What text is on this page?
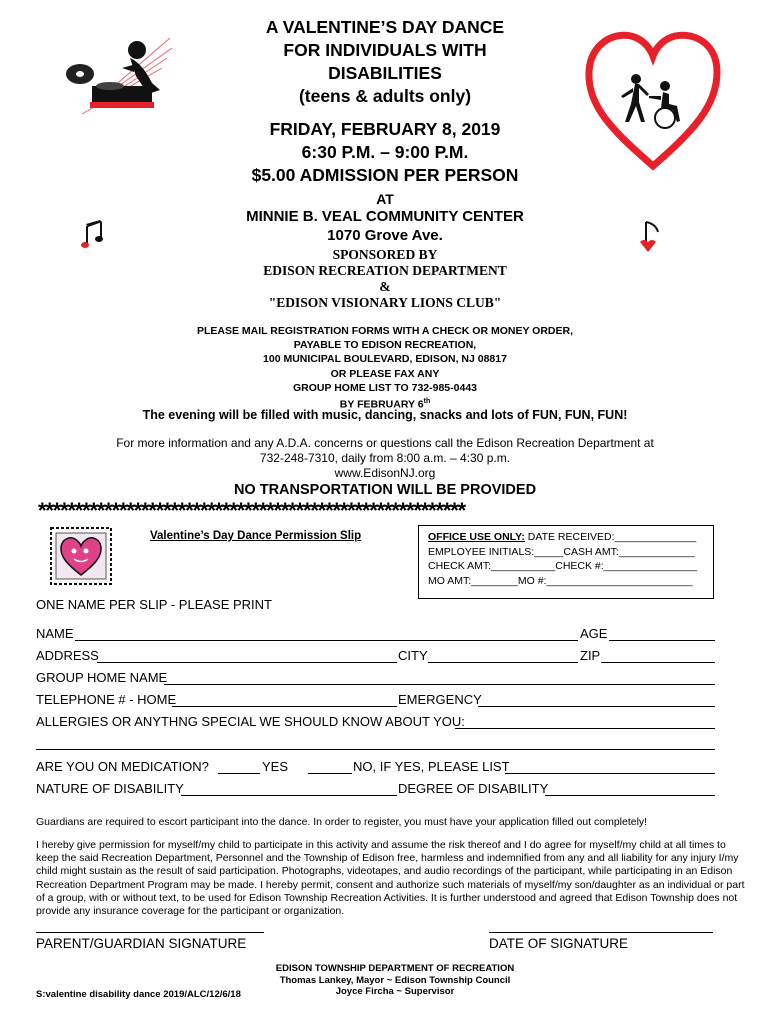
A VALENTINE’S DAY DANCE
FOR INDIVIDUALS WITH
DISABILITIES
(teens & adults only)
FRIDAY, FEBRUARY 8, 2019
6:30 P.M. – 9:00 P.M.
$5.00 ADMISSION PER PERSON
AT
MINNIE B. VEAL COMMUNITY CENTER
1070 Grove Ave.
SPONSORED BY
EDISON RECREATION DEPARTMENT
&
"EDISON VISIONARY LIONS CLUB"
PLEASE MAIL REGISTRATION FORMS WITH A CHECK OR MONEY ORDER,
PAYABLE TO EDISON RECREATION,
100 MUNICIPAL BOULEVARD, EDISON, NJ 08817
OR PLEASE FAX ANY
GROUP HOME LIST TO 732-985-0443
BY FEBRUARY 6th
The evening will be filled with music, dancing, snacks and lots of FUN, FUN, FUN!
For more information and any A.D.A. concerns or questions call the Edison Recreation Department at
732-248-7310, daily from 8:00 a.m. – 4:30 p.m.
www.EdisonNJ.org
NO TRANSPORTATION WILL BE PROVIDED
**********************************************************
Valentine’s Day Dance Permission Slip	OFFICE USE ONLY: DATE RECEIVED:______________
EMPLOYEE INITIALS:_____CASH AMT:_____________
CHECK AMT:___________CHECK #:________________
MO AMT:________MO #:_________________________
ONE NAME PER SLIP - PLEASE PRINT
NAME	AGE
ADDRESS	CITY	ZIP
GROUP HOME NAME
TELEPHONE # - HOME	EMERGENCY
ALLERGIES OR ANYTHNG SPECIAL WE SHOULD KNOW ABOUT YOU:
ARE YOU ON MEDICATION?	YES	NO, IF YES, PLEASE LIST
NATURE OF DISABILITY	DEGREE OF DISABILITY
Guardians are required to escort participant into the dance. In order to register, you must have your application filled out completely!
I hereby give permission for myself/my child to participate in this activity and assume the risk thereof and I do agree for myself/my child at all times to
keep the said Recreation Department, Personnel and the Township of Edison free, harmless and indemnified from any and all liability for any injury I/my
child might sustain as the result of said participation. Photographs, videotapes, and audio recordings of the participant, while participating in an Edison
Recreation Department Program may be made. I hereby permit, consent and authorize such materials of myself/my son/daughter as an individual or part
of a group, with or without text, to be used for Edison Township Recreation Activities. It is further understood and agreed that Edison Township does not
provide any insurance coverage for the participant or organization.
PARENT/GUARDIAN SIGNATURE	DATE OF SIGNATURE
EDISON TOWNSHIP DEPARTMENT OF RECREATION
Thomas Lankey, Mayor ~ Edison Township Council
Joyce Fircha ~ Supervisor
S:valentine disability dance 2019/ALC/12/6/18
